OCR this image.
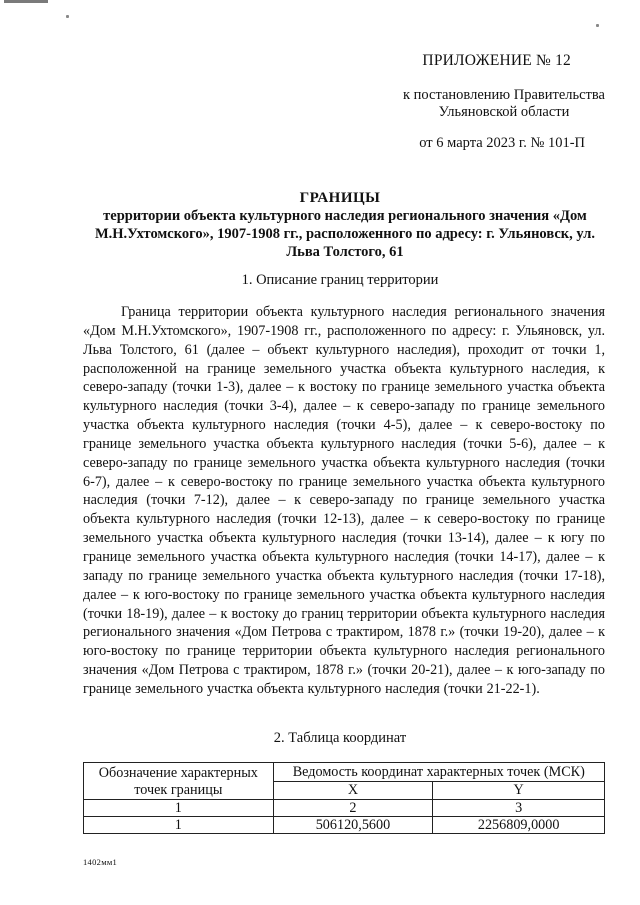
ПРИЛОЖЕНИЕ № 12
к постановлению Правительства
Ульяновской области
от 6 марта 2023 г. № 101-П
ГРАНИЦЫ
территории объекта культурного наследия регионального значения «Дом М.Н.Ухтомского», 1907-1908 гг., расположенного по адресу: г. Ульяновск, ул. Льва Толстого, 61
1. Описание границ территории
Граница территории объекта культурного наследия регионального значения «Дом М.Н.Ухтомского», 1907-1908 гг., расположенного по адресу: г. Ульяновск, ул. Льва Толстого, 61 (далее – объект культурного наследия), проходит от точки 1, расположенной на границе земельного участка объекта культурного наследия, к северо-западу (точки 1-3), далее – к востоку по границе земельного участка объекта культурного наследия (точки 3-4), далее – к северо-западу по границе земельного участка объекта культурного наследия (точки 4-5), далее – к северо-востоку по границе земельного участка объекта культурного наследия (точки 5-6), далее – к северо-западу по границе земельного участка объекта культурного наследия (точки 6-7), далее – к северо-востоку по границе земельного участка объекта культурного наследия (точки 7-12), далее – к северо-западу по границе земельного участка объекта культурного наследия (точки 12-13), далее – к северо-востоку по границе земельного участка объекта культурного наследия (точки 13-14), далее – к югу по границе земельного участка объекта культурного наследия (точки 14-17), далее – к западу по границе земельного участка объекта культурного наследия (точки 17-18), далее – к юго-востоку по границе земельного участка объекта культурного наследия (точки 18-19), далее – к востоку до границ территории объекта культурного наследия регионального значения «Дом Петрова с трактиром, 1878 г.» (точки 19-20), далее – к юго-востоку по границе территории объекта культурного наследия регионального значения «Дом Петрова с трактиром, 1878 г.» (точки 20-21), далее – к юго-западу по границе земельного участка объекта культурного наследия (точки 21-22-1).
2. Таблица координат
Обозначение характерных точек границы	Ведомость координат характерных точек (МСК)	
	X	Y
1	2	3
1	506120,5600	2256809,0000
1402мм1
